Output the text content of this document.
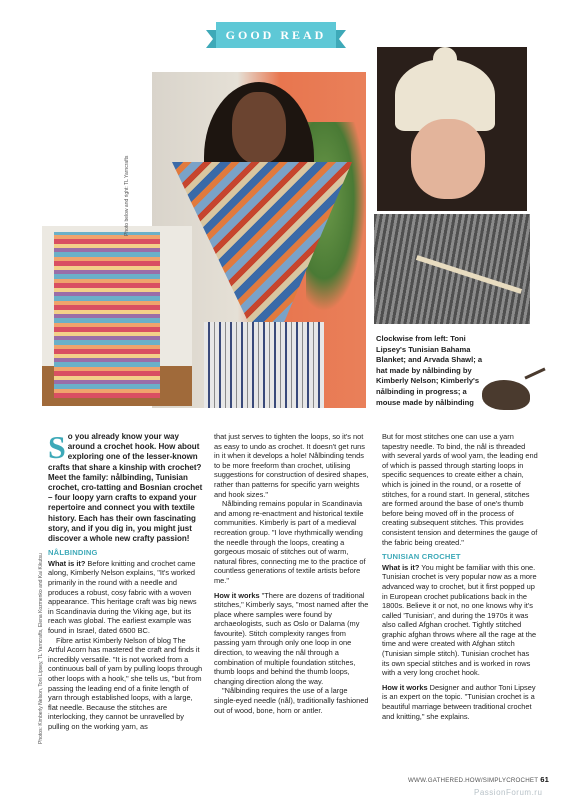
GOOD READ
Photo below and right: TL Yarncrafts
Photos: Kimberly Nelson, Toni Lipsey, TL Yarncrafts, Elena Kozmenko and Kai Kikutsu
Clockwise from left: Toni Lipsey's Tunisian Bahama Blanket; and Arvada Shawl; a hat made by nålbinding by Kimberly Nelson; Kimberly's nålbinding in progress; a mouse made by nålbinding

So you already know your way around a crochet hook. How about exploring one of the lesser-known crafts that share a kinship with crochet? Meet the family: nålbinding, Tunisian crochet, cro-tatting and Bosnian crochet – four loopy yarn crafts to expand your repertoire and connect you with textile history. Each has their own fascinating story, and if you dig in, you might just discover a whole new crafty passion!

NÅLBINDING

What is it? Before knitting and crochet came along, Kimberly Nelson explains, "It's worked primarily in the round with a needle and produces a robust, cosy fabric with a woven appearance. This heritage craft was big news in Scandinavia during the Viking age, but its reach was global. The earliest example was found in Israel, dated 6500 BC.

Fibre artist Kimberly Nelson of blog The Artful Acorn has mastered the craft and finds it incredibly versatile. "It is not worked from a continuous ball of yarn by pulling loops through other loops with a hook," she tells us, "but from passing the leading end of a finite length of yarn through established loops, with a large, flat needle. Because the stitches are interlocking, they cannot be unravelled by pulling on the working yarn, as

that just serves to tighten the loops, so it's not as easy to undo as crochet. It doesn't get runs in it when it develops a hole! Nålbinding tends to be more freeform than crochet, utilising suggestions for construction of desired shapes, rather than patterns for specific yarn weights and hook sizes."

Nålbinding remains popular in Scandinavia and among re-enactment and historical textile communities. Kimberly is part of a medieval recreation group. "I love rhythmically wending the needle through the loops, creating a gorgeous mosaic of stitches out of warm, natural fibres, connecting me to the practice of countless generations of textile artists before me."

How it works "There are dozens of traditional stitches," Kimberly says, "most named after the place where samples were found by archaeologists, such as Oslo or Dalarna (my favourite). Stitch complexity ranges from passing yarn through only one loop in one direction, to weaving the nål through a combination of multiple foundation stitches, thumb loops and behind the thumb loops, changing direction along the way.

"Nålbinding requires the use of a large single-eyed needle (nål), traditionally fashioned out of wood, bone, horn or antler.

But for most stitches one can use a yarn tapestry needle. To bind, the nål is threaded with several yards of wool yarn, the leading end of which is passed through starting loops in specific sequences to create either a chain, which is joined in the round, or a rosette of stitches, for a round start. In general, stitches are formed around the base of one's thumb before being moved off in the process of creating subsequent stitches. This provides consistent tension and determines the gauge of the fabric being created."

TUNISIAN CROCHET

What is it? You might be familiar with this one. Tunisian crochet is very popular now as a more advanced way to crochet, but it first popped up in European crochet publications back in the 1800s. Believe it or not, no one knows why it's called 'Tunisian', and during the 1970s it was also called Afghan crochet. Tightly stitched graphic afghan throws where all the rage at the time and were created with Afghan stitch (Tunisian simple stitch). Tunisian crochet has its own special stitches and is worked in rows with a very long crochet hook.

How it works Designer and author Toni Lipsey is an expert on the topic. "Tunisian crochet is a beautiful marriage between traditional crochet and knitting," she explains.

WWW.GATHERED.HOW/SIMPLYCROCHET 61
PassionForum.ru
